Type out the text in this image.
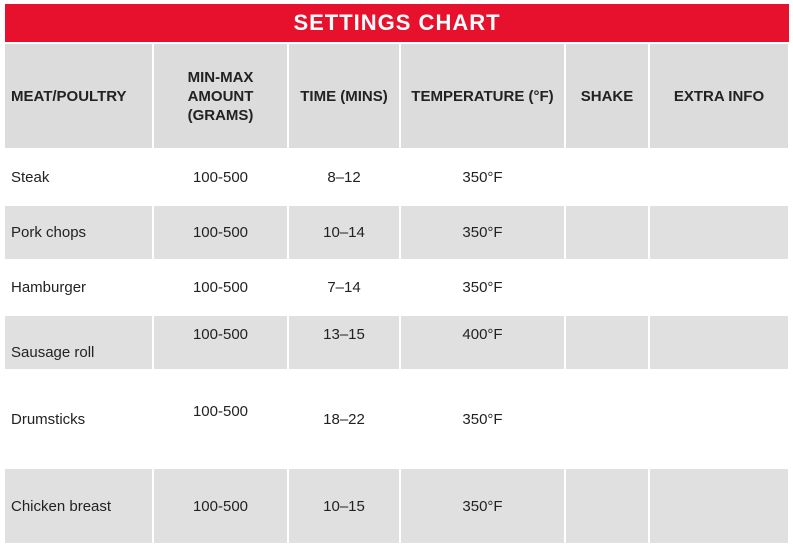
SETTINGS CHART
MEAT/POULTRY	MIN-MAX AMOUNT (GRAMS)	TIME (MINS)	TEMPERATURE (°F)	SHAKE	EXTRA INFO
Steak	100-500	8–12	350°F		
Pork chops	100-500	10–14	350°F		
Hamburger	100-500	7–14	350°F		
Sausage roll	100-500	13–15	400°F		
Drumsticks	100-500	18–22	350°F		
Chicken breast	100-500	10–15	350°F		
